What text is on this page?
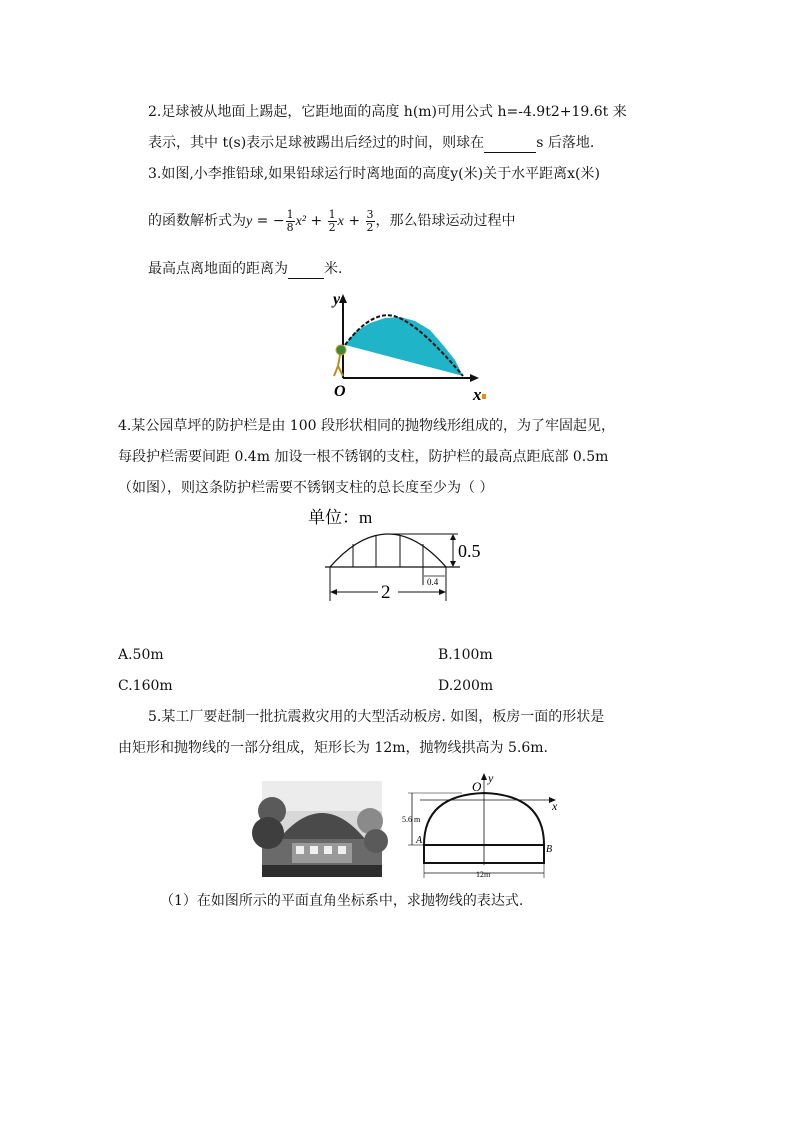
2.足球被从地面上踢起，它距地面的高度 h(m)可用公式 h=-4.9t2+19.6t 来
表示，其中 t(s)表示足球被踢出后经过的时间，则球在	s 后落地.
3.如图,小李推铅球,如果铅球运行时离地面的高度y(米)关于水平距离x(米)
的函数解析式为y = − $\frac{1}{8} x^2 + \frac{1}{2}$ $x + \frac{3}{2}$ ，那么铅球运动过程中
最高点离地面的距离为	米.
y
O	x
4.某公园草坪的防护栏是由 100 段形状相同的抛物线形组成的，为了牢固起见，
每段护栏需要间距 0.4m 加设一根不锈钢的支柱，防护栏的最高点距底部 0.5m
（如图），则这条防护栏需要不锈钢支柱的总长度至少为（ ）
单位：m
0.5
2	0.4
A.50m	B.100m
C.160m	D.200m
5.某工厂要赶制一批抗震救灾用的大型活动板房. 如图，板房一面的形状是
由矩形和抛物线的一部分组成，矩形长为 12m，抛物线拱高为 5.6m.
5.6 m
O
y
x
A
B
12m
（1）在如图所示的平面直角坐标系中，求抛物线的表达式.
